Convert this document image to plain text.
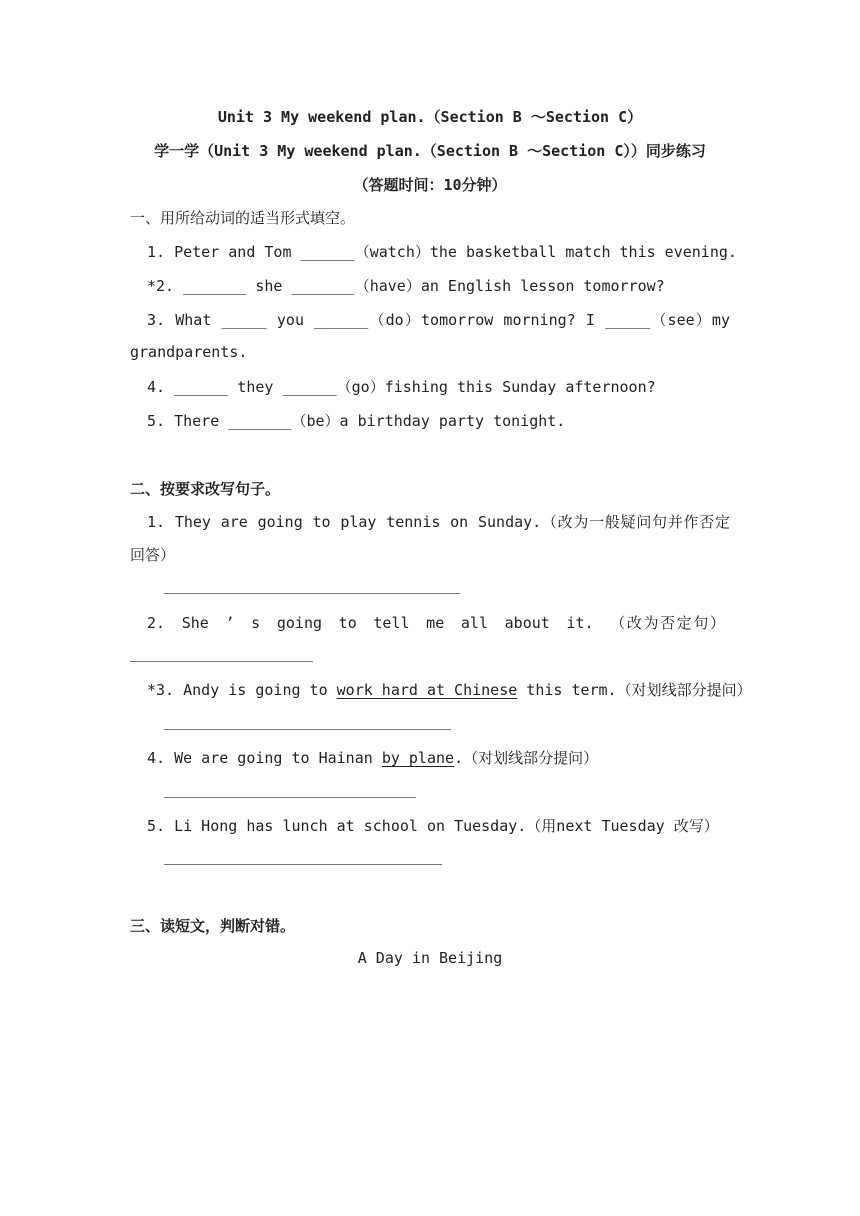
Unit 3 My weekend plan.（Section B ～Section C）
学一学（Unit 3 My weekend plan.（Section B ～Section C））同步练习
（答题时间：10分钟）
一、用所给动词的适当形式填空。
1. Peter and Tom ______（watch）the basketball match this evening.
*2. _______ she _______（have）an English lesson tomorrow?
3. What _____ you ______（do）tomorrow morning? I _____（see）my
grandparents.
4. ______ they ______（go）fishing this Sunday afternoon?
5. There _______（be）a birthday party tonight.
二、按要求改写句子。
1. They are going to play tennis on Sunday.（改为一般疑问句并作否定
回答）
2. She ’ s going to tell me all about it. （改为否定句）
*3. Andy is going to work hard at Chinese this term.（对划线部分提问）
4. We are going to Hainan by plane.（对划线部分提问）
5. Li Hong has lunch at school on Tuesday.（用next Tuesday 改写）
三、读短文，判断对错。
A Day in Beijing
